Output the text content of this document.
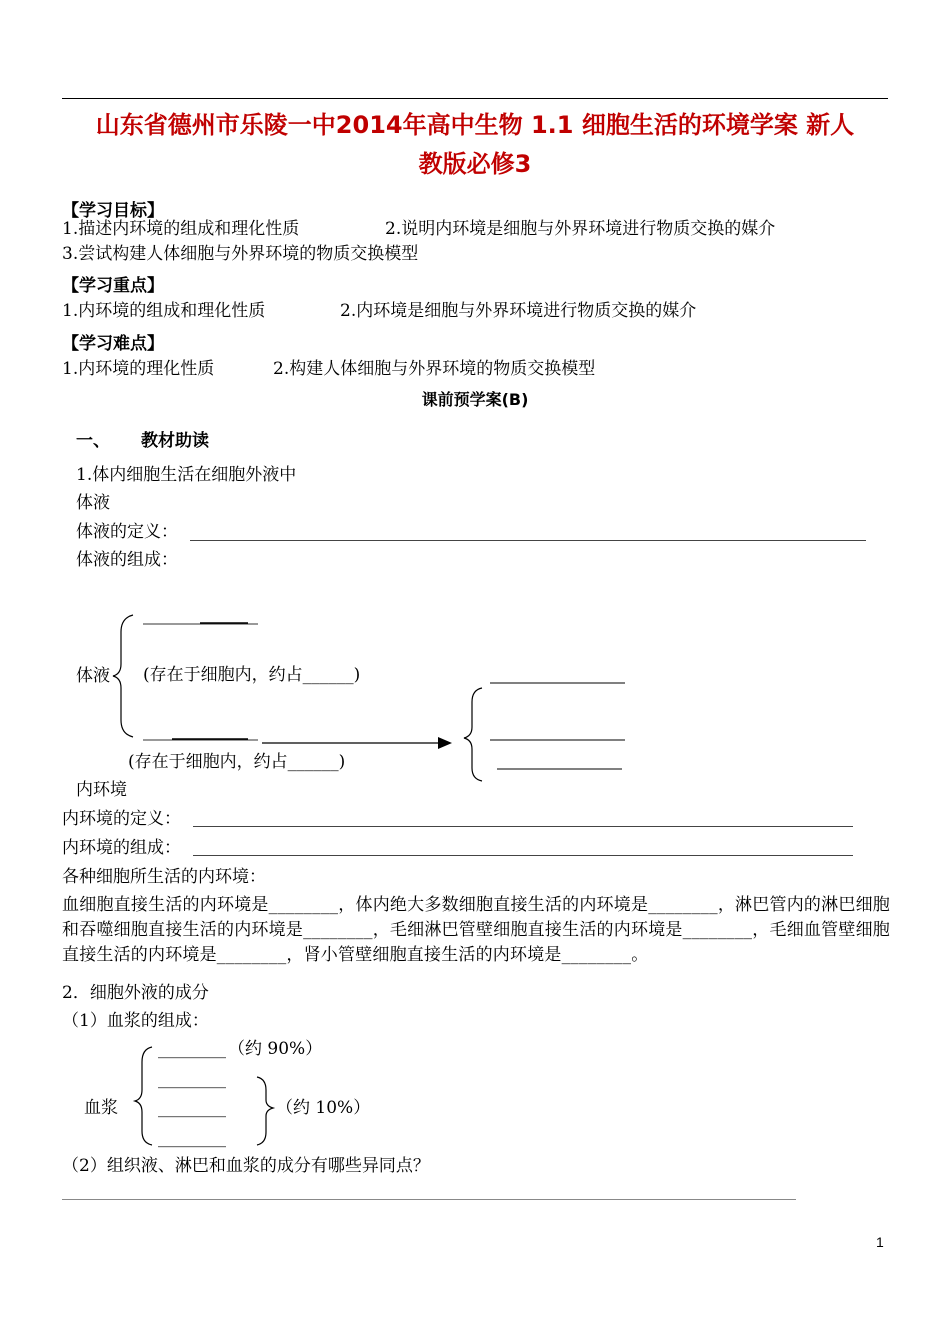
山东省德州市乐陵一中2014年高中生物 1.1 细胞生活的环境学案 新人
教版必修3
【学习目标】
1.描述内环境的组成和理化性质	2.说明内环境是细胞与外界环境进行物质交换的媒介
3.尝试构建人体细胞与外界环境的物质交换模型
【学习重点】
1.内环境的组成和理化性质	2.内环境是细胞与外界环境进行物质交换的媒介
【学习难点】
1.内环境的理化性质	2.构建人体细胞与外界环境的物质交换模型
课前预学案(B)
一、 教材助读
1.体内细胞生活在细胞外液中
体液
体液的定义：
体液的组成：
体液 (存在于细胞内，约占______)
(存在于细胞内，约占______)
内环境
内环境的定义：
内环境的组成：
各种细胞所生活的内环境：
血细胞直接生活的内环境是________，体内绝大多数细胞直接生活的内环境是________，淋巴管内的淋巴细胞和吞噬细胞直接生活的内环境是________，毛细淋巴管壁细胞直接生活的内环境是________，毛细血管壁细胞直接生活的内环境是________，肾小管壁细胞直接生活的内环境是________。
2．细胞外液的成分
（1）血浆的组成：
________ （约 90%）
________
血浆 ________	（约 10%）
________
（2）组织液、淋巴和血浆的成分有哪些异同点？
1
